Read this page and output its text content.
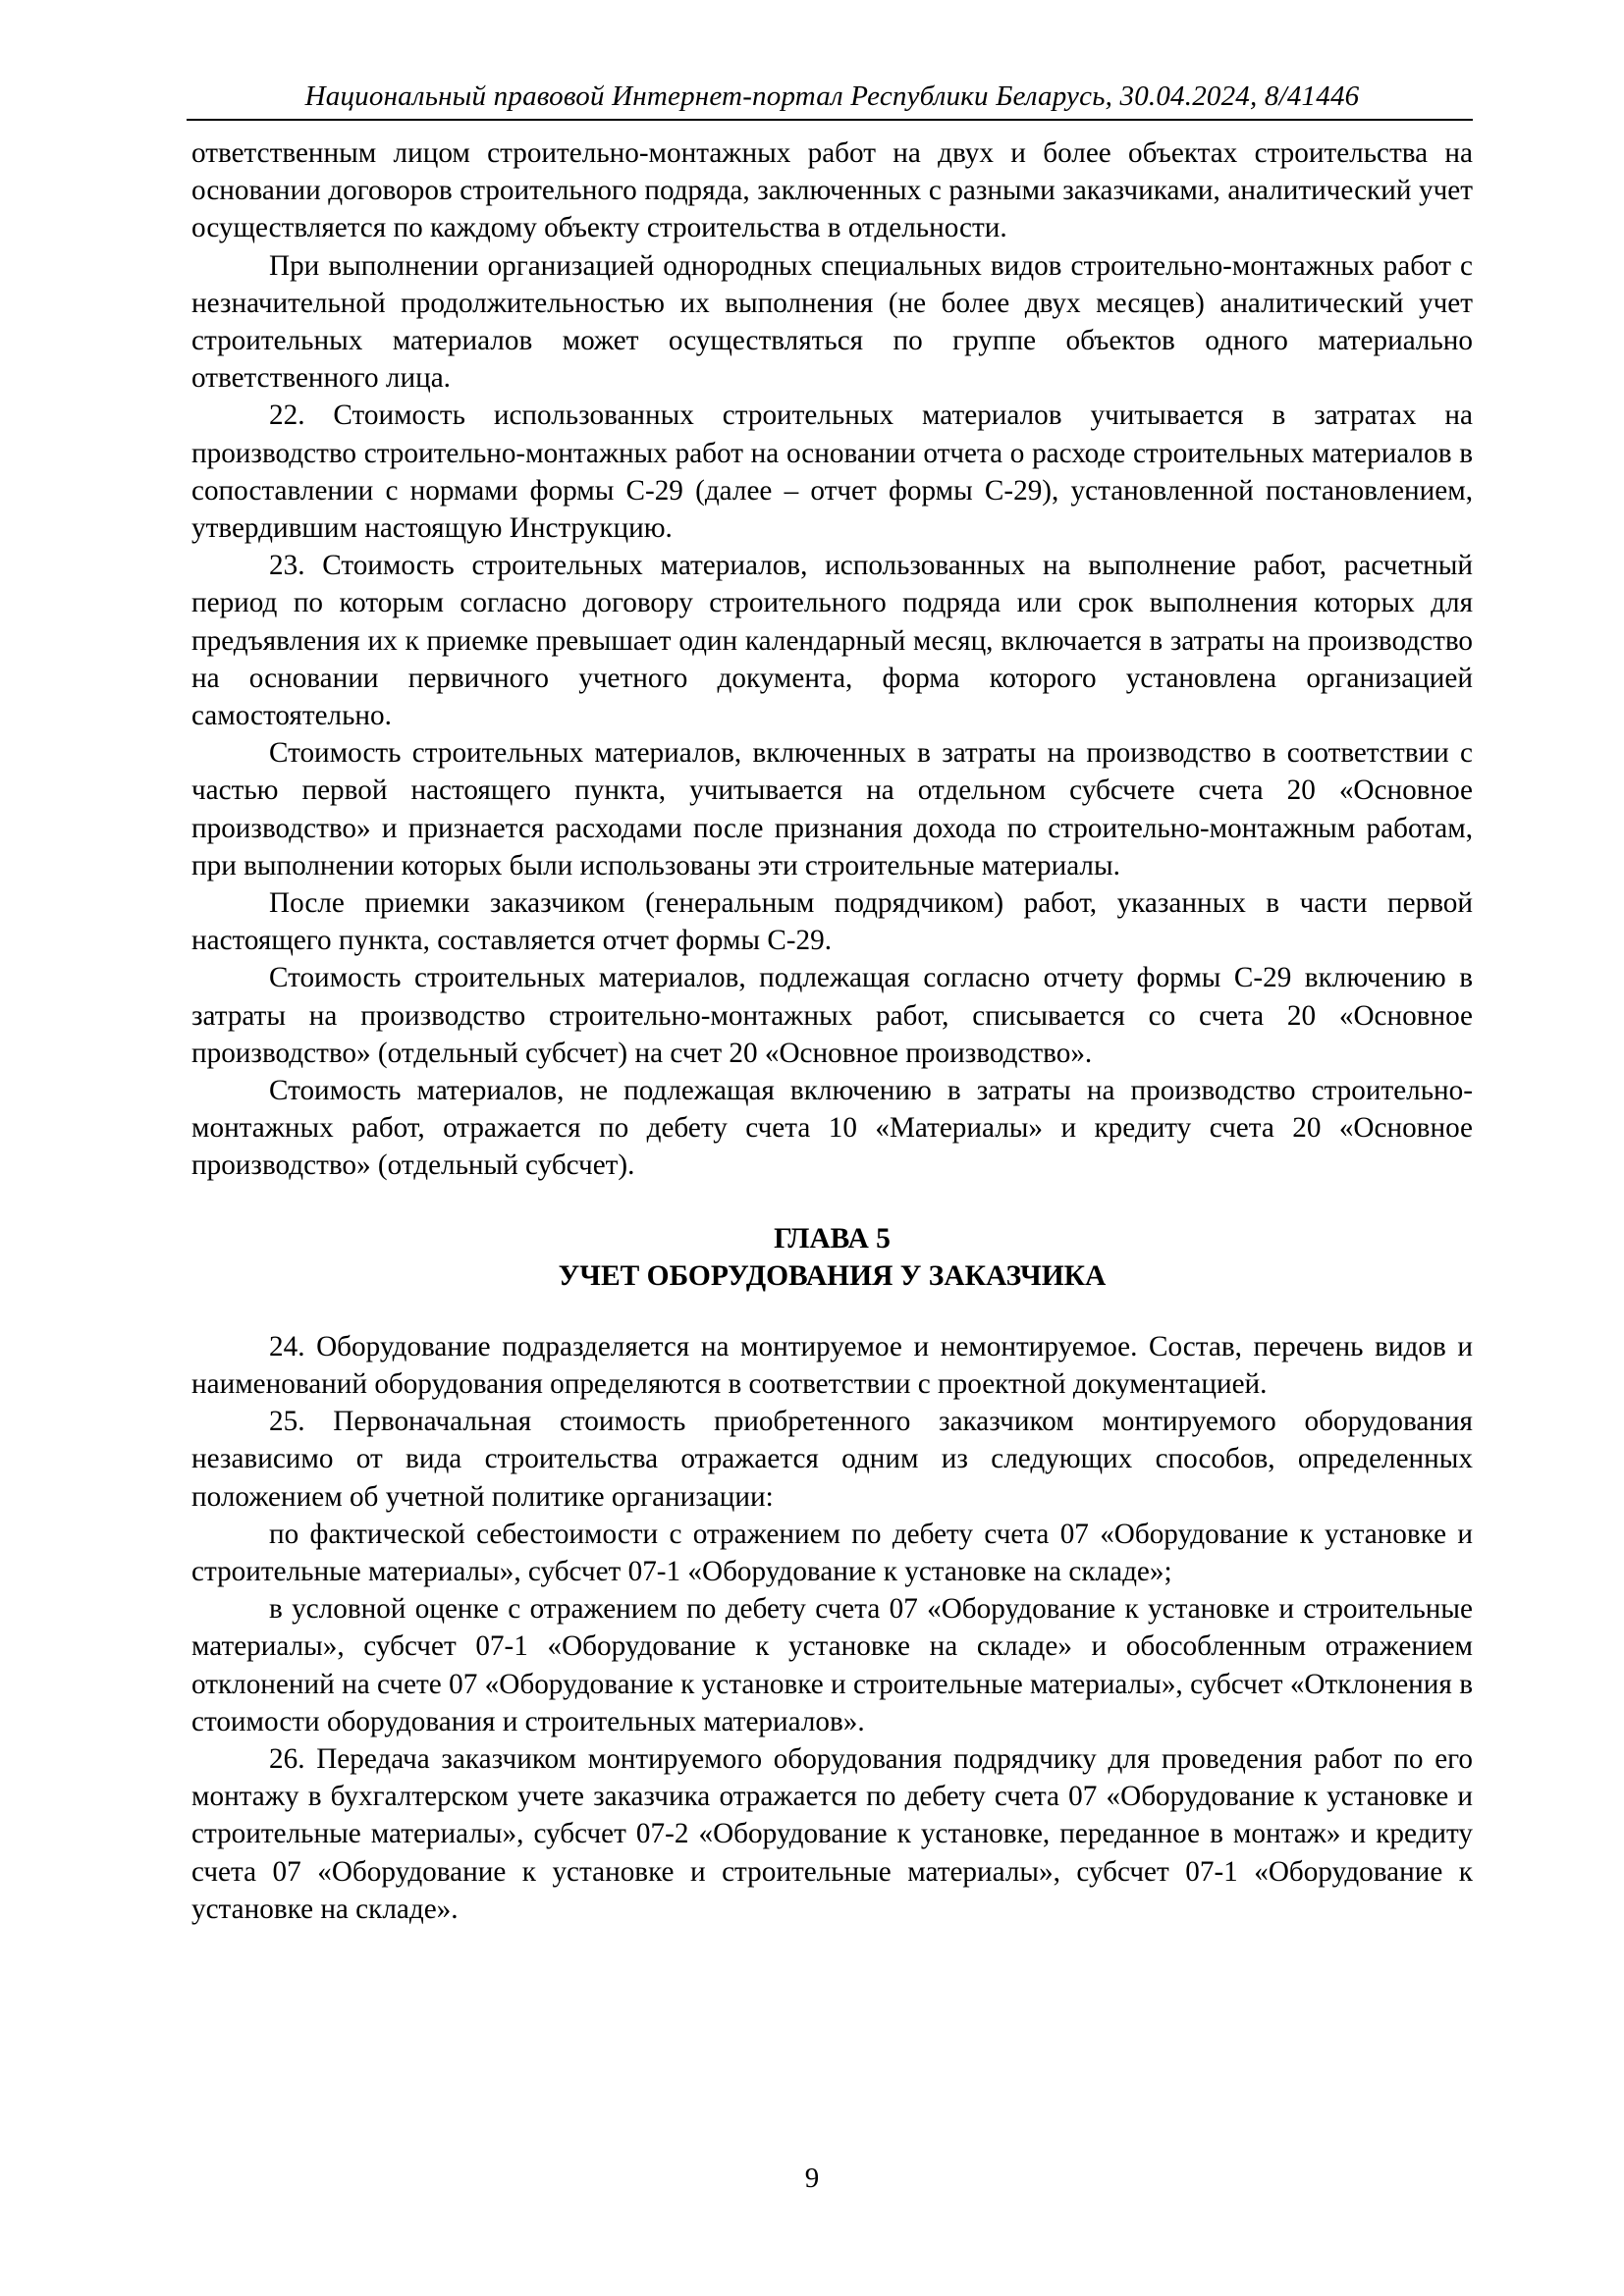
Национальный правовой Интернет-портал Республики Беларусь, 30.04.2024, 8/41446

ответственным лицом строительно-монтажных работ на двух и более объектах строительства на основании договоров строительного подряда, заключенных с разными заказчиками, аналитический учет осуществляется по каждому объекту строительства в отдельности.

При выполнении организацией однородных специальных видов строительно-монтажных работ с незначительной продолжительностью их выполнения (не более двух месяцев) аналитический учет строительных материалов может осуществляться по группе объектов одного материально ответственного лица.

22. Стоимость использованных строительных материалов учитывается в затратах на производство строительно-монтажных работ на основании отчета о расходе строительных материалов в сопоставлении с нормами формы С-29 (далее – отчет формы С-29), установленной постановлением, утвердившим настоящую Инструкцию.

23. Стоимость строительных материалов, использованных на выполнение работ, расчетный период по которым согласно договору строительного подряда или срок выполнения которых для предъявления их к приемке превышает один календарный месяц, включается в затраты на производство на основании первичного учетного документа, форма которого установлена организацией самостоятельно.

Стоимость строительных материалов, включенных в затраты на производство в соответствии с частью первой настоящего пункта, учитывается на отдельном субсчете счета 20 «Основное производство» и признается расходами после признания дохода по строительно-монтажным работам, при выполнении которых были использованы эти строительные материалы.

После приемки заказчиком (генеральным подрядчиком) работ, указанных в части первой настоящего пункта, составляется отчет формы С-29.

Стоимость строительных материалов, подлежащая согласно отчету формы С-29 включению в затраты на производство строительно-монтажных работ, списывается со счета 20 «Основное производство» (отдельный субсчет) на счет 20 «Основное производство».

Стоимость материалов, не подлежащая включению в затраты на производство строительно-монтажных работ, отражается по дебету счета 10 «Материалы» и кредиту счета 20 «Основное производство» (отдельный субсчет).

ГЛАВА 5
УЧЕТ ОБОРУДОВАНИЯ У ЗАКАЗЧИКА

24. Оборудование подразделяется на монтируемое и немонтируемое. Состав, перечень видов и наименований оборудования определяются в соответствии с проектной документацией.

25. Первоначальная стоимость приобретенного заказчиком монтируемого оборудования независимо от вида строительства отражается одним из следующих способов, определенных положением об учетной политике организации:

по фактической себестоимости с отражением по дебету счета 07 «Оборудование к установке и строительные материалы», субсчет 07-1 «Оборудование к установке на складе»;

в условной оценке с отражением по дебету счета 07 «Оборудование к установке и строительные материалы», субсчет 07-1 «Оборудование к установке на складе» и обособленным отражением отклонений на счете 07 «Оборудование к установке и строительные материалы», субсчет «Отклонения в стоимости оборудования и строительных материалов».

26. Передача заказчиком монтируемого оборудования подрядчику для проведения работ по его монтажу в бухгалтерском учете заказчика отражается по дебету счета 07 «Оборудование к установке и строительные материалы», субсчет 07-2 «Оборудование к установке, переданное в монтаж» и кредиту счета 07 «Оборудование к установке и строительные материалы», субсчет 07-1 «Оборудование к установке на складе».

9
